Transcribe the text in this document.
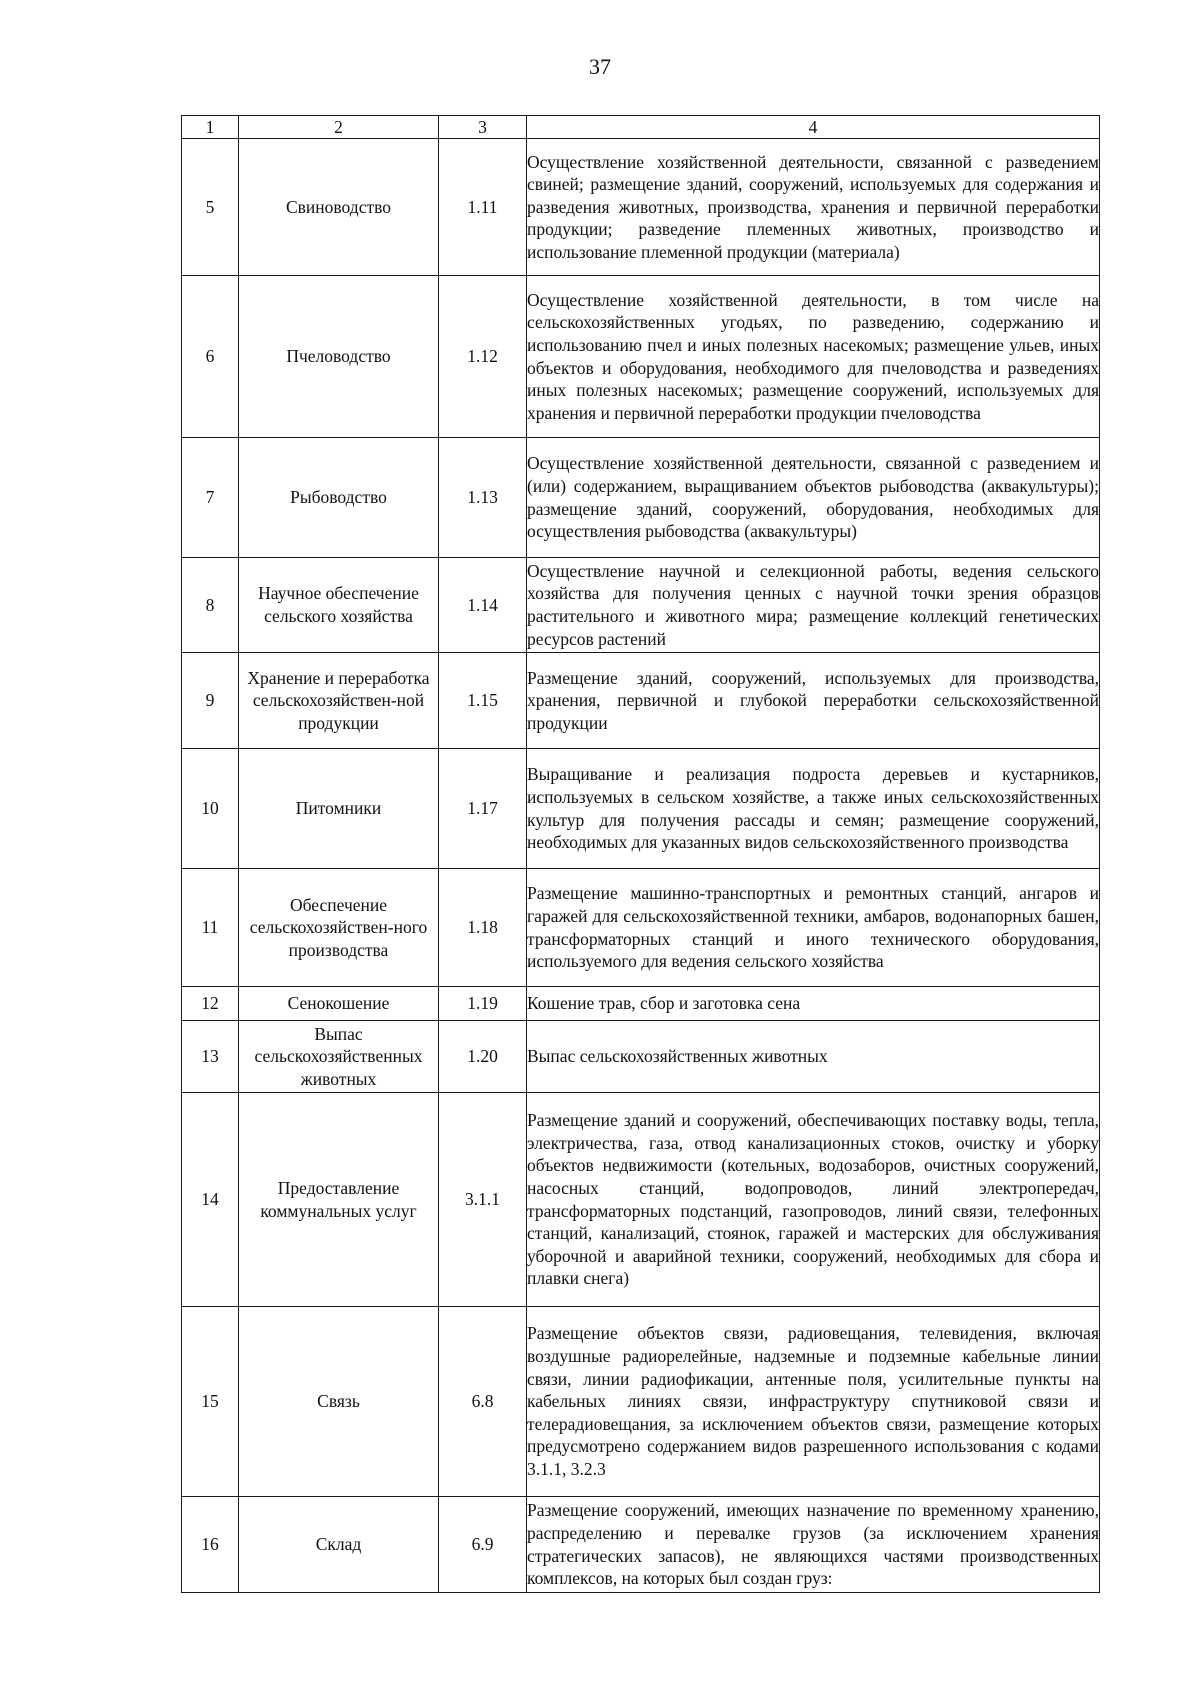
37
1	2	3	4
5	Свиноводство	1.11	Осуществление хозяйственной деятельности, связанной с разведением свиней; размещение зданий, сооружений, используемых для содержания и разведения животных, производства, хранения и первичной переработки продукции; разведение племенных животных, производство и использование племенной продукции (материала)
6	Пчеловодство	1.12	Осуществление хозяйственной деятельности, в том числе на сельскохозяйственных угодьях, по разведению, содержанию и использованию пчел и иных полезных насекомых; размещение ульев, иных объектов и оборудования, необходимого для пчеловодства и разведениях иных полезных насекомых; размещение сооружений, используемых для хранения и первичной переработки продукции пчеловодства
7	Рыбоводство	1.13	Осуществление хозяйственной деятельности, связанной с разведением и (или) содержанием, выращиванием объектов рыбоводства (аквакультуры); размещение зданий, сооружений, оборудования, необходимых для осуществления рыбоводства (аквакультуры)
8	Научное обеспечение сельского хозяйства	1.14	Осуществление научной и селекционной работы, ведения сельского хозяйства для получения ценных с научной точки зрения образцов растительного и животного мира; размещение коллекций генетических ресурсов растений
9	Хранение и переработка сельскохозяйствен-ной продукции	1.15	Размещение зданий, сооружений, используемых для производства, хранения, первичной и глубокой переработки сельскохозяйственной продукции
10	Питомники	1.17	Выращивание и реализация подроста деревьев и кустарников, используемых в сельском хозяйстве, а также иных сельскохозяйственных культур для получения рассады и семян; размещение сооружений, необходимых для указанных видов сельскохозяйственного производства
11	Обеспечение сельскохозяйствен-ного производства	1.18	Размещение машинно-транспортных и ремонтных станций, ангаров и гаражей для сельскохозяйственной техники, амбаров, водонапорных башен, трансформаторных станций и иного технического оборудования, используемого для ведения сельского хозяйства
12	Сенокошение	1.19	Кошение трав, сбор и заготовка сена
13	Выпас сельскохозяйственных животных	1.20	Выпас сельскохозяйственных животных
14	Предоставление коммунальных услуг	3.1.1	Размещение зданий и сооружений, обеспечивающих поставку воды, тепла, электричества, газа, отвод канализационных стоков, очистку и уборку объектов недвижимости (котельных, водозаборов, очистных сооружений, насосных станций, водопроводов, линий электропередач, трансформаторных подстанций, газопроводов, линий связи, телефонных станций, канализаций, стоянок, гаражей и мастерских для обслуживания уборочной и аварийной техники, сооружений, необходимых для сбора и плавки снега)
15	Связь	6.8	Размещение объектов связи, радиовещания, телевидения, включая воздушные радиорелейные, надземные и подземные кабельные линии связи, линии радиофикации, антенные поля, усилительные пункты на кабельных линиях связи, инфраструктуру спутниковой связи и телерадиовещания, за исключением объектов связи, размещение которых предусмотрено содержанием видов разрешенного использования с кодами 3.1.1, 3.2.3
16	Склад	6.9	Размещение сооружений, имеющих назначение по временному хранению, распределению и перевалке грузов (за исключением хранения стратегических запасов), не являющихся частями производственных комплексов, на которых был создан груз:
